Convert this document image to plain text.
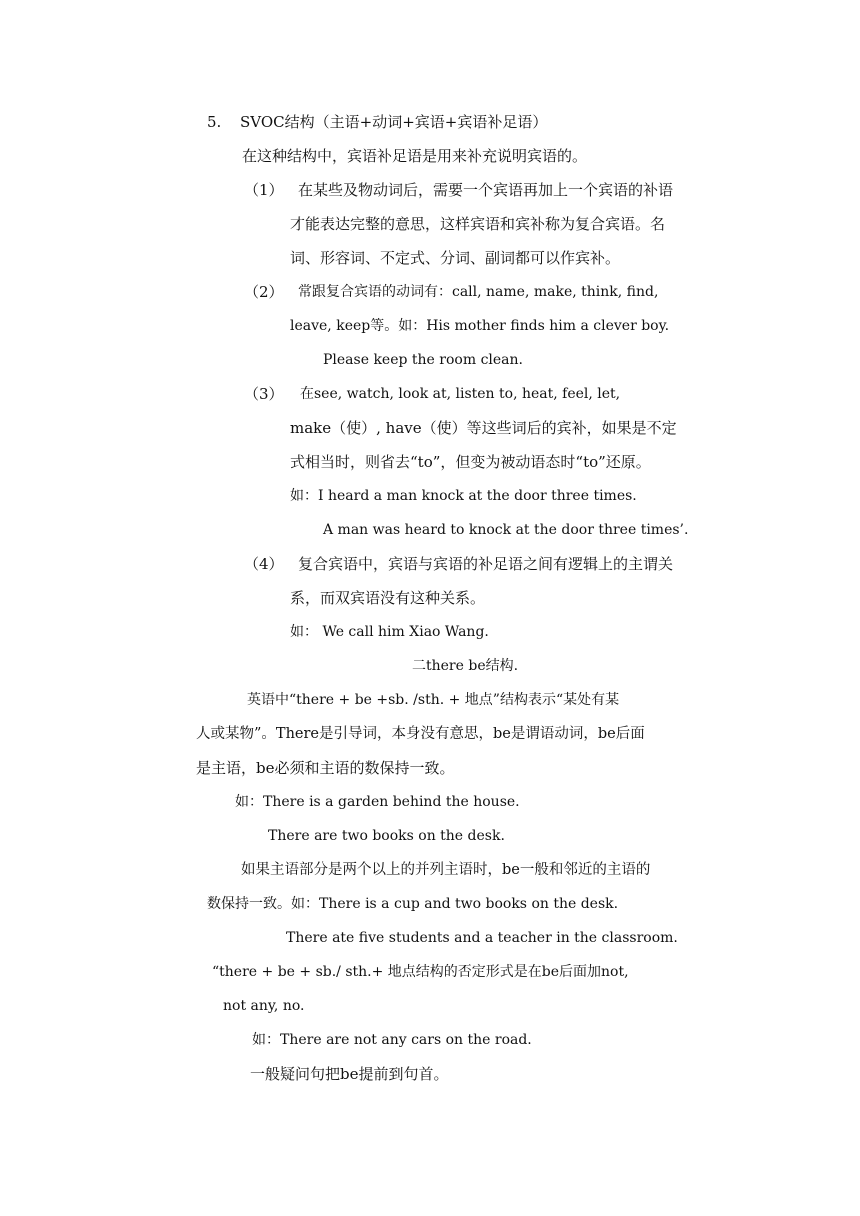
5. SVOC结构（主语+动词+宾语+宾语补足语）
在这种结构中，宾语补足语是用来补充说明宾语的。
（1） 在某些及物动词后，需要一个宾语再加上一个宾语的补语
才能表达完整的意思，这样宾语和宾补称为复合宾语。名
词、形容词、不定式、分词、副词都可以作宾补。
（2） 常跟复合宾语的动词有：call, name, make, think, find,
leave, keep等。如：His mother finds him a clever boy.
Please keep the room clean.
（3） 在see, watch, look at, listen to, heat, feel, let,
make（使）, have（使）等这些词后的宾补，如果是不定
式相当时，则省去“to”，但变为被动语态时“to”还原。
如：I heard a man knock at the door three times.
A man was heard to knock at the door three times’.
（4） 复合宾语中，宾语与宾语的补足语之间有逻辑上的主谓关
系，而双宾语没有这种关系。
如： We call him Xiao Wang.
二there be结构.
英语中“there + be +sb. /sth. + 地点”结构表示“某处有某
人或某物”。There是引导词，本身没有意思，be是谓语动词，be后面
是主语，be必须和主语的数保持一致。
如：There is a garden behind the house.
There are two books on the desk.
如果主语部分是两个以上的并列主语时，be一般和邻近的主语的
数保持一致。如：There is a cup and two books on the desk.
There ate five students and a teacher in the classroom.
“there + be + sb./ sth.+ 地点结构的否定形式是在be后面加not,
not any, no.
如：There are not any cars on the road.
一般疑问句把be提前到句首。
